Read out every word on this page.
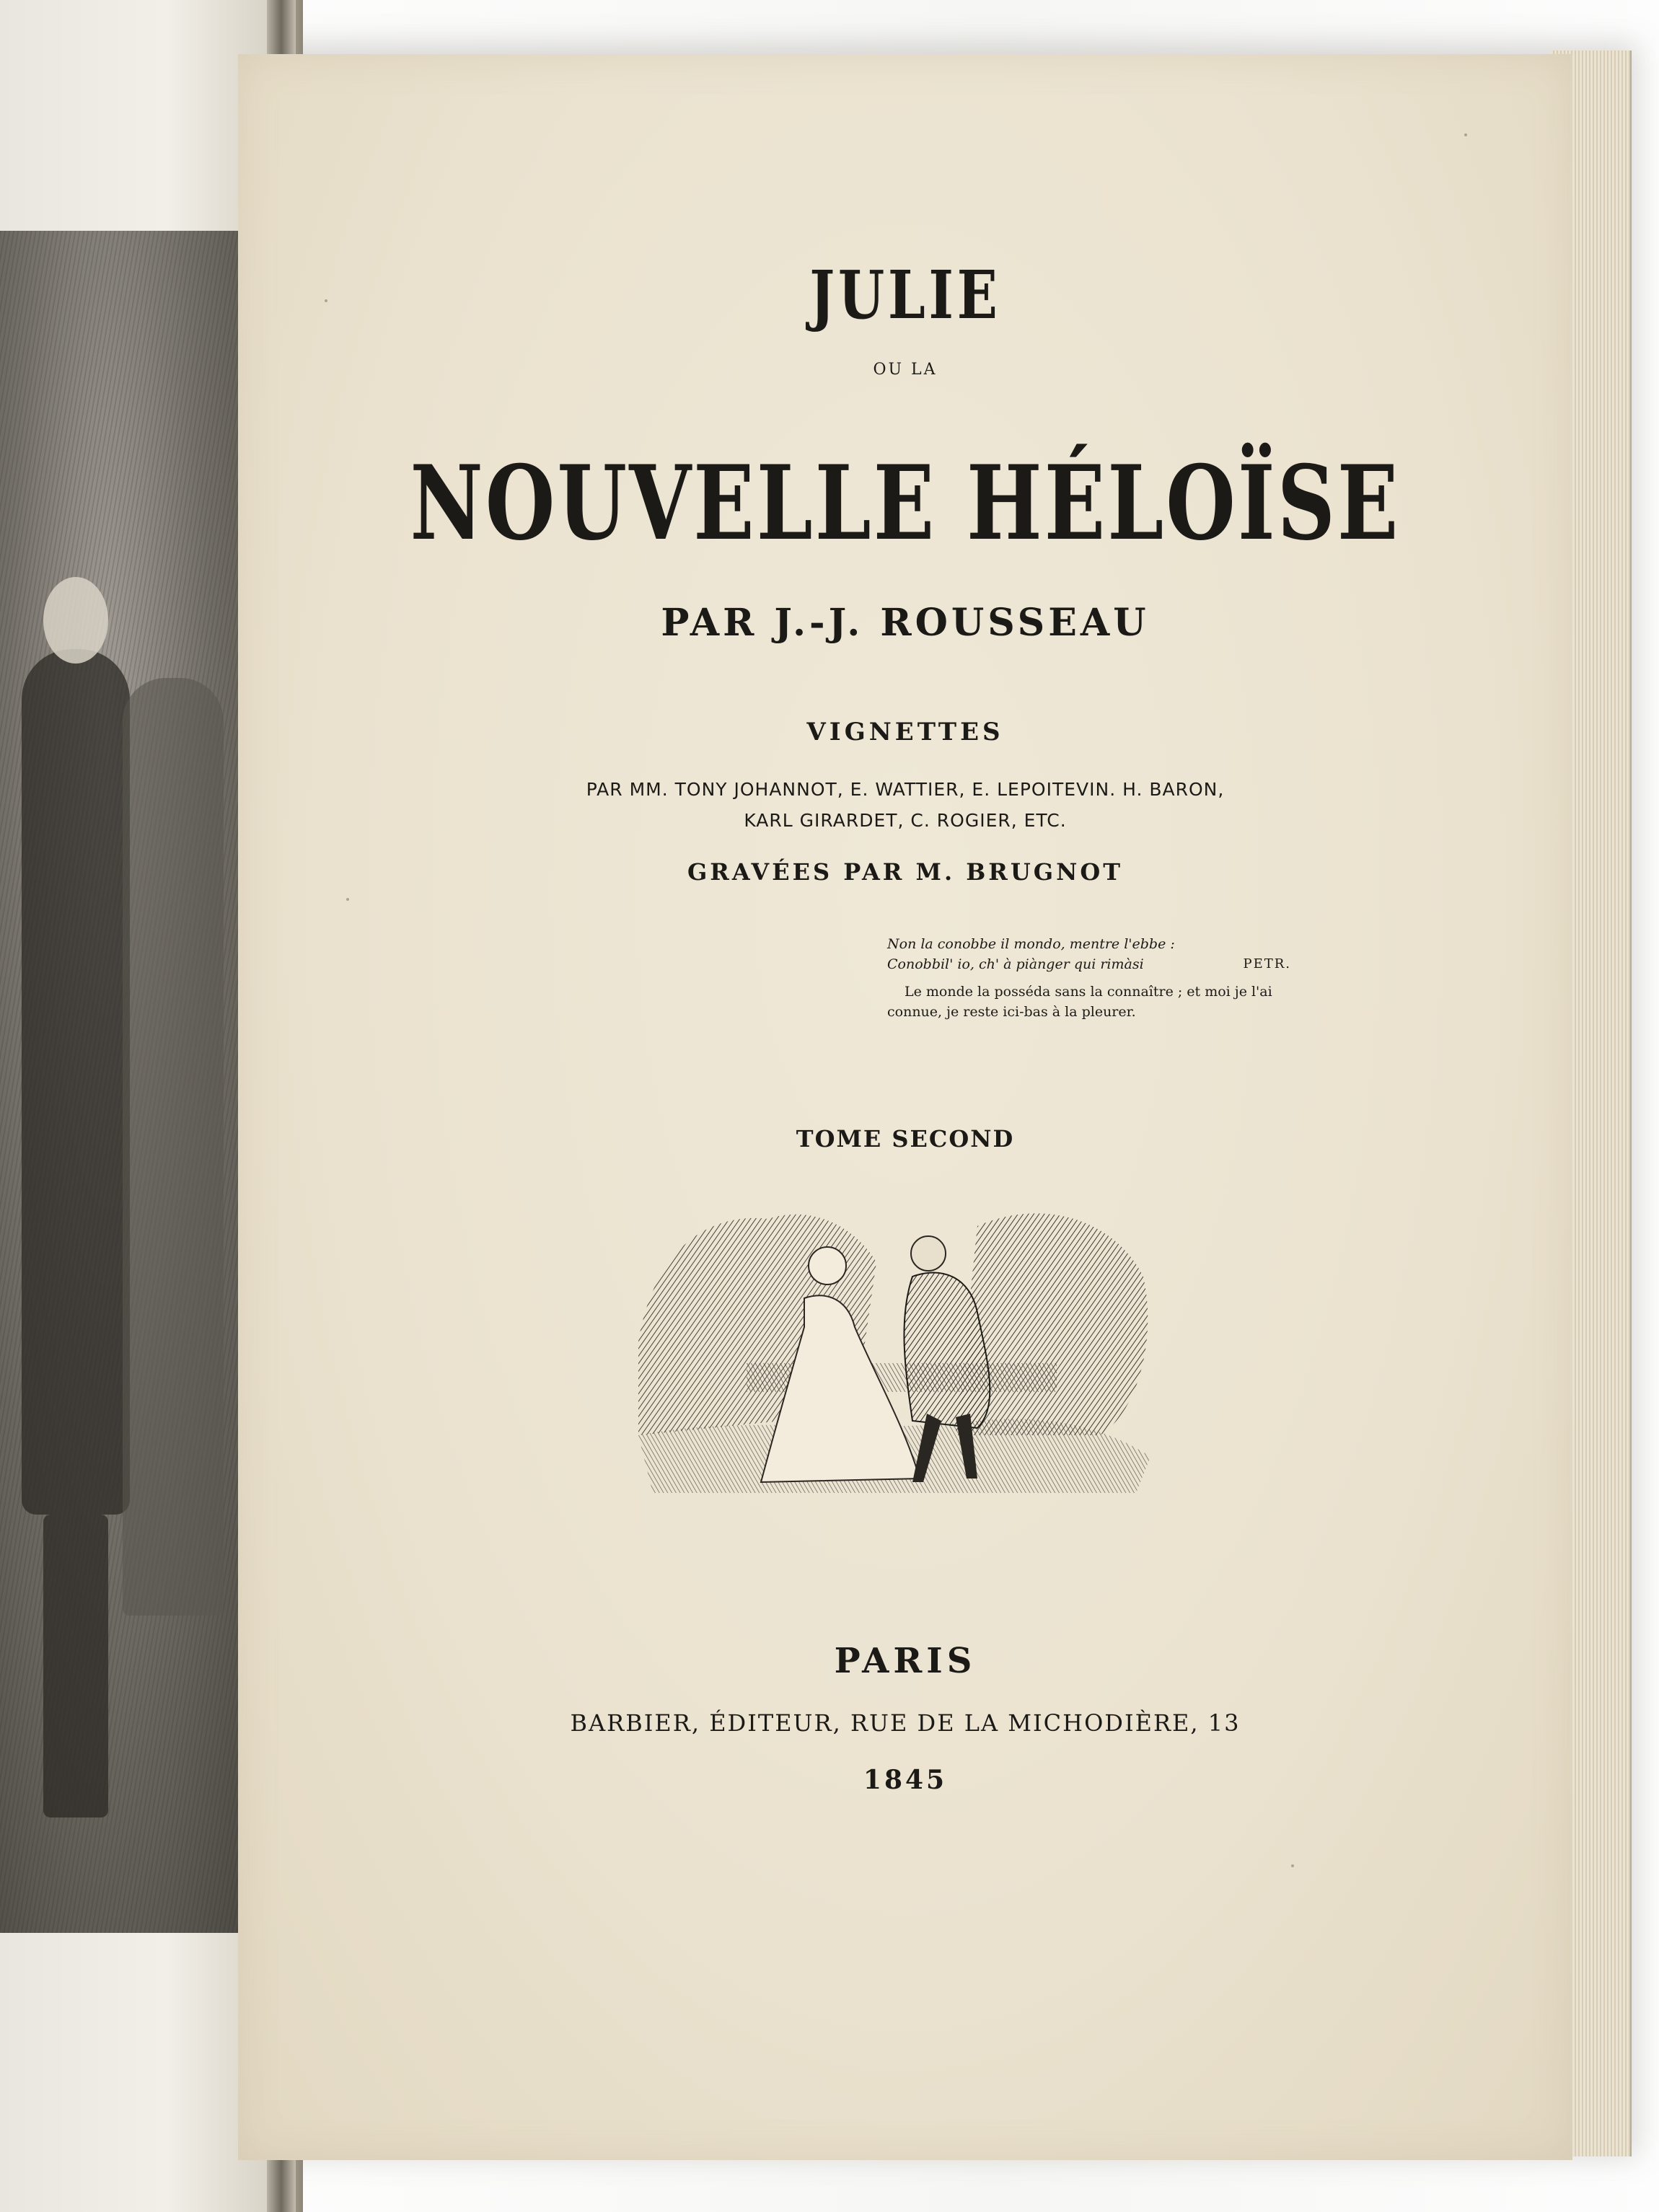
JULIE
OU LA
NOUVELLE HÉLOÏSE
PAR J.-J. ROUSSEAU
VIGNETTES
PAR MM. TONY JOHANNOT, E. WATTIER, E. LEPOITEVIN. H. BARON,
KARL GIRARDET, C. ROGIER, ETC.
GRAVÉES PAR M. BRUGNOT
Non la conobbe il mondo, mentre l'ebbe :
Conobbil' io, ch' à piànger qui rimàsi	PETR.
Le monde la posséda sans la connaître ; et moi je l'ai connue, je reste ici-bas à la pleurer.
TOME SECOND
PARIS
BARBIER, ÉDITEUR, RUE DE LA MICHODIÈRE, 13
1845
